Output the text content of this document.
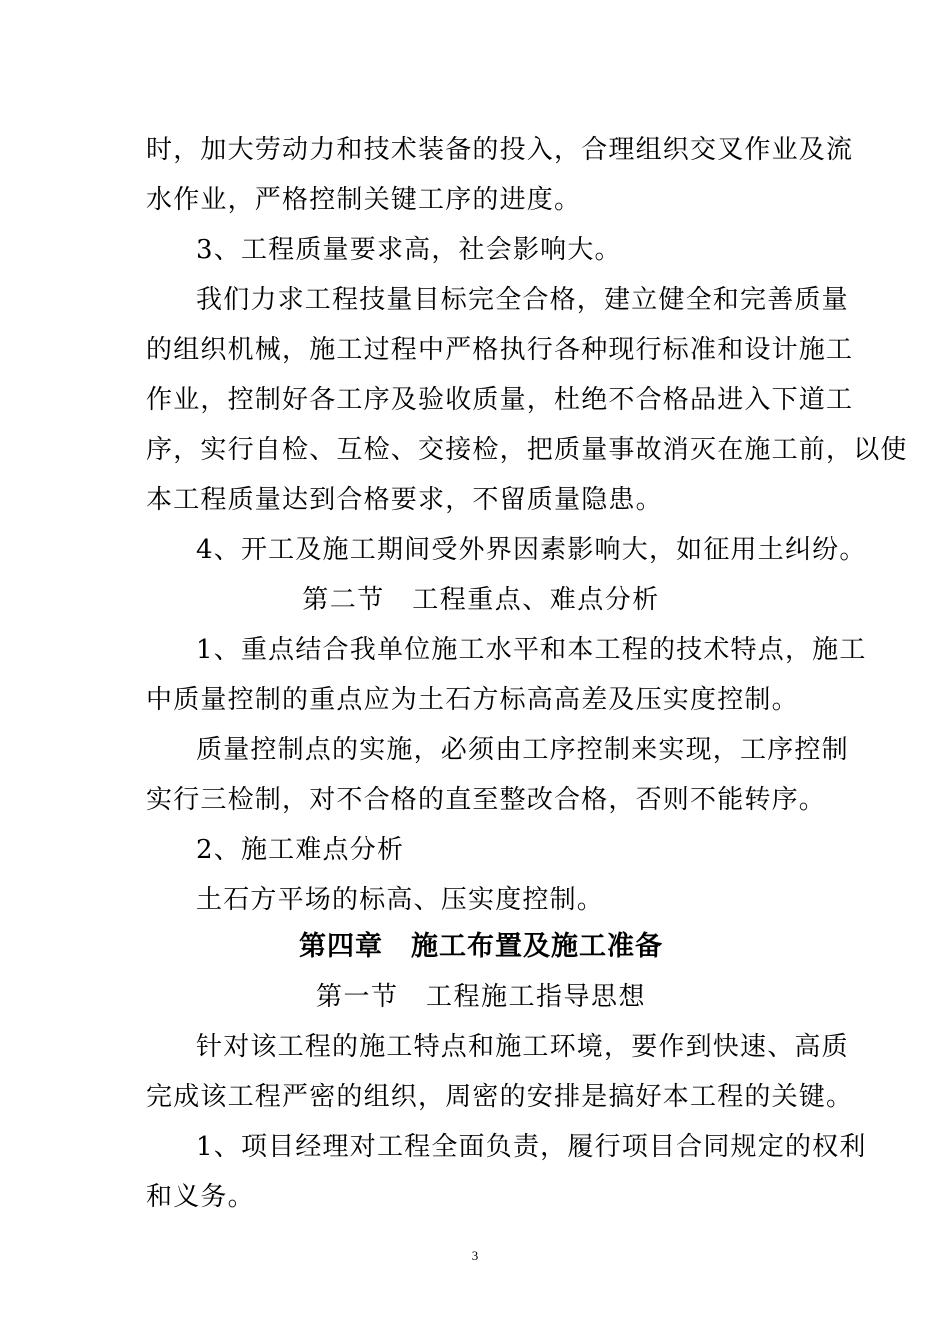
时，加大劳动力和技术装备的投入，合理组织交叉作业及流
水作业，严格控制关键工序的进度。
3、工程质量要求高，社会影响大。
我们力求工程技量目标完全合格，建立健全和完善质量
的组织机械，施工过程中严格执行各种现行标准和设计施工
作业，控制好各工序及验收质量，杜绝不合格品进入下道工
序，实行自检、互检、交接检，把质量事故消灭在施工前，以使
本工程质量达到合格要求，不留质量隐患。
4、开工及施工期间受外界因素影响大，如征用土纠纷。
第二节　工程重点、难点分析
1、重点结合我单位施工水平和本工程的技术特点，施工
中质量控制的重点应为土石方标高高差及压实度控制。
质量控制点的实施，必须由工序控制来实现，工序控制
实行三检制，对不合格的直至整改合格，否则不能转序。
2、施工难点分析
土石方平场的标高、压实度控制。
第四章　施工布置及施工准备
第一节　工程施工指导思想
针对该工程的施工特点和施工环境，要作到快速、高质
完成该工程严密的组织，周密的安排是搞好本工程的关键。
1、项目经理对工程全面负责，履行项目合同规定的权利
和义务。
3
